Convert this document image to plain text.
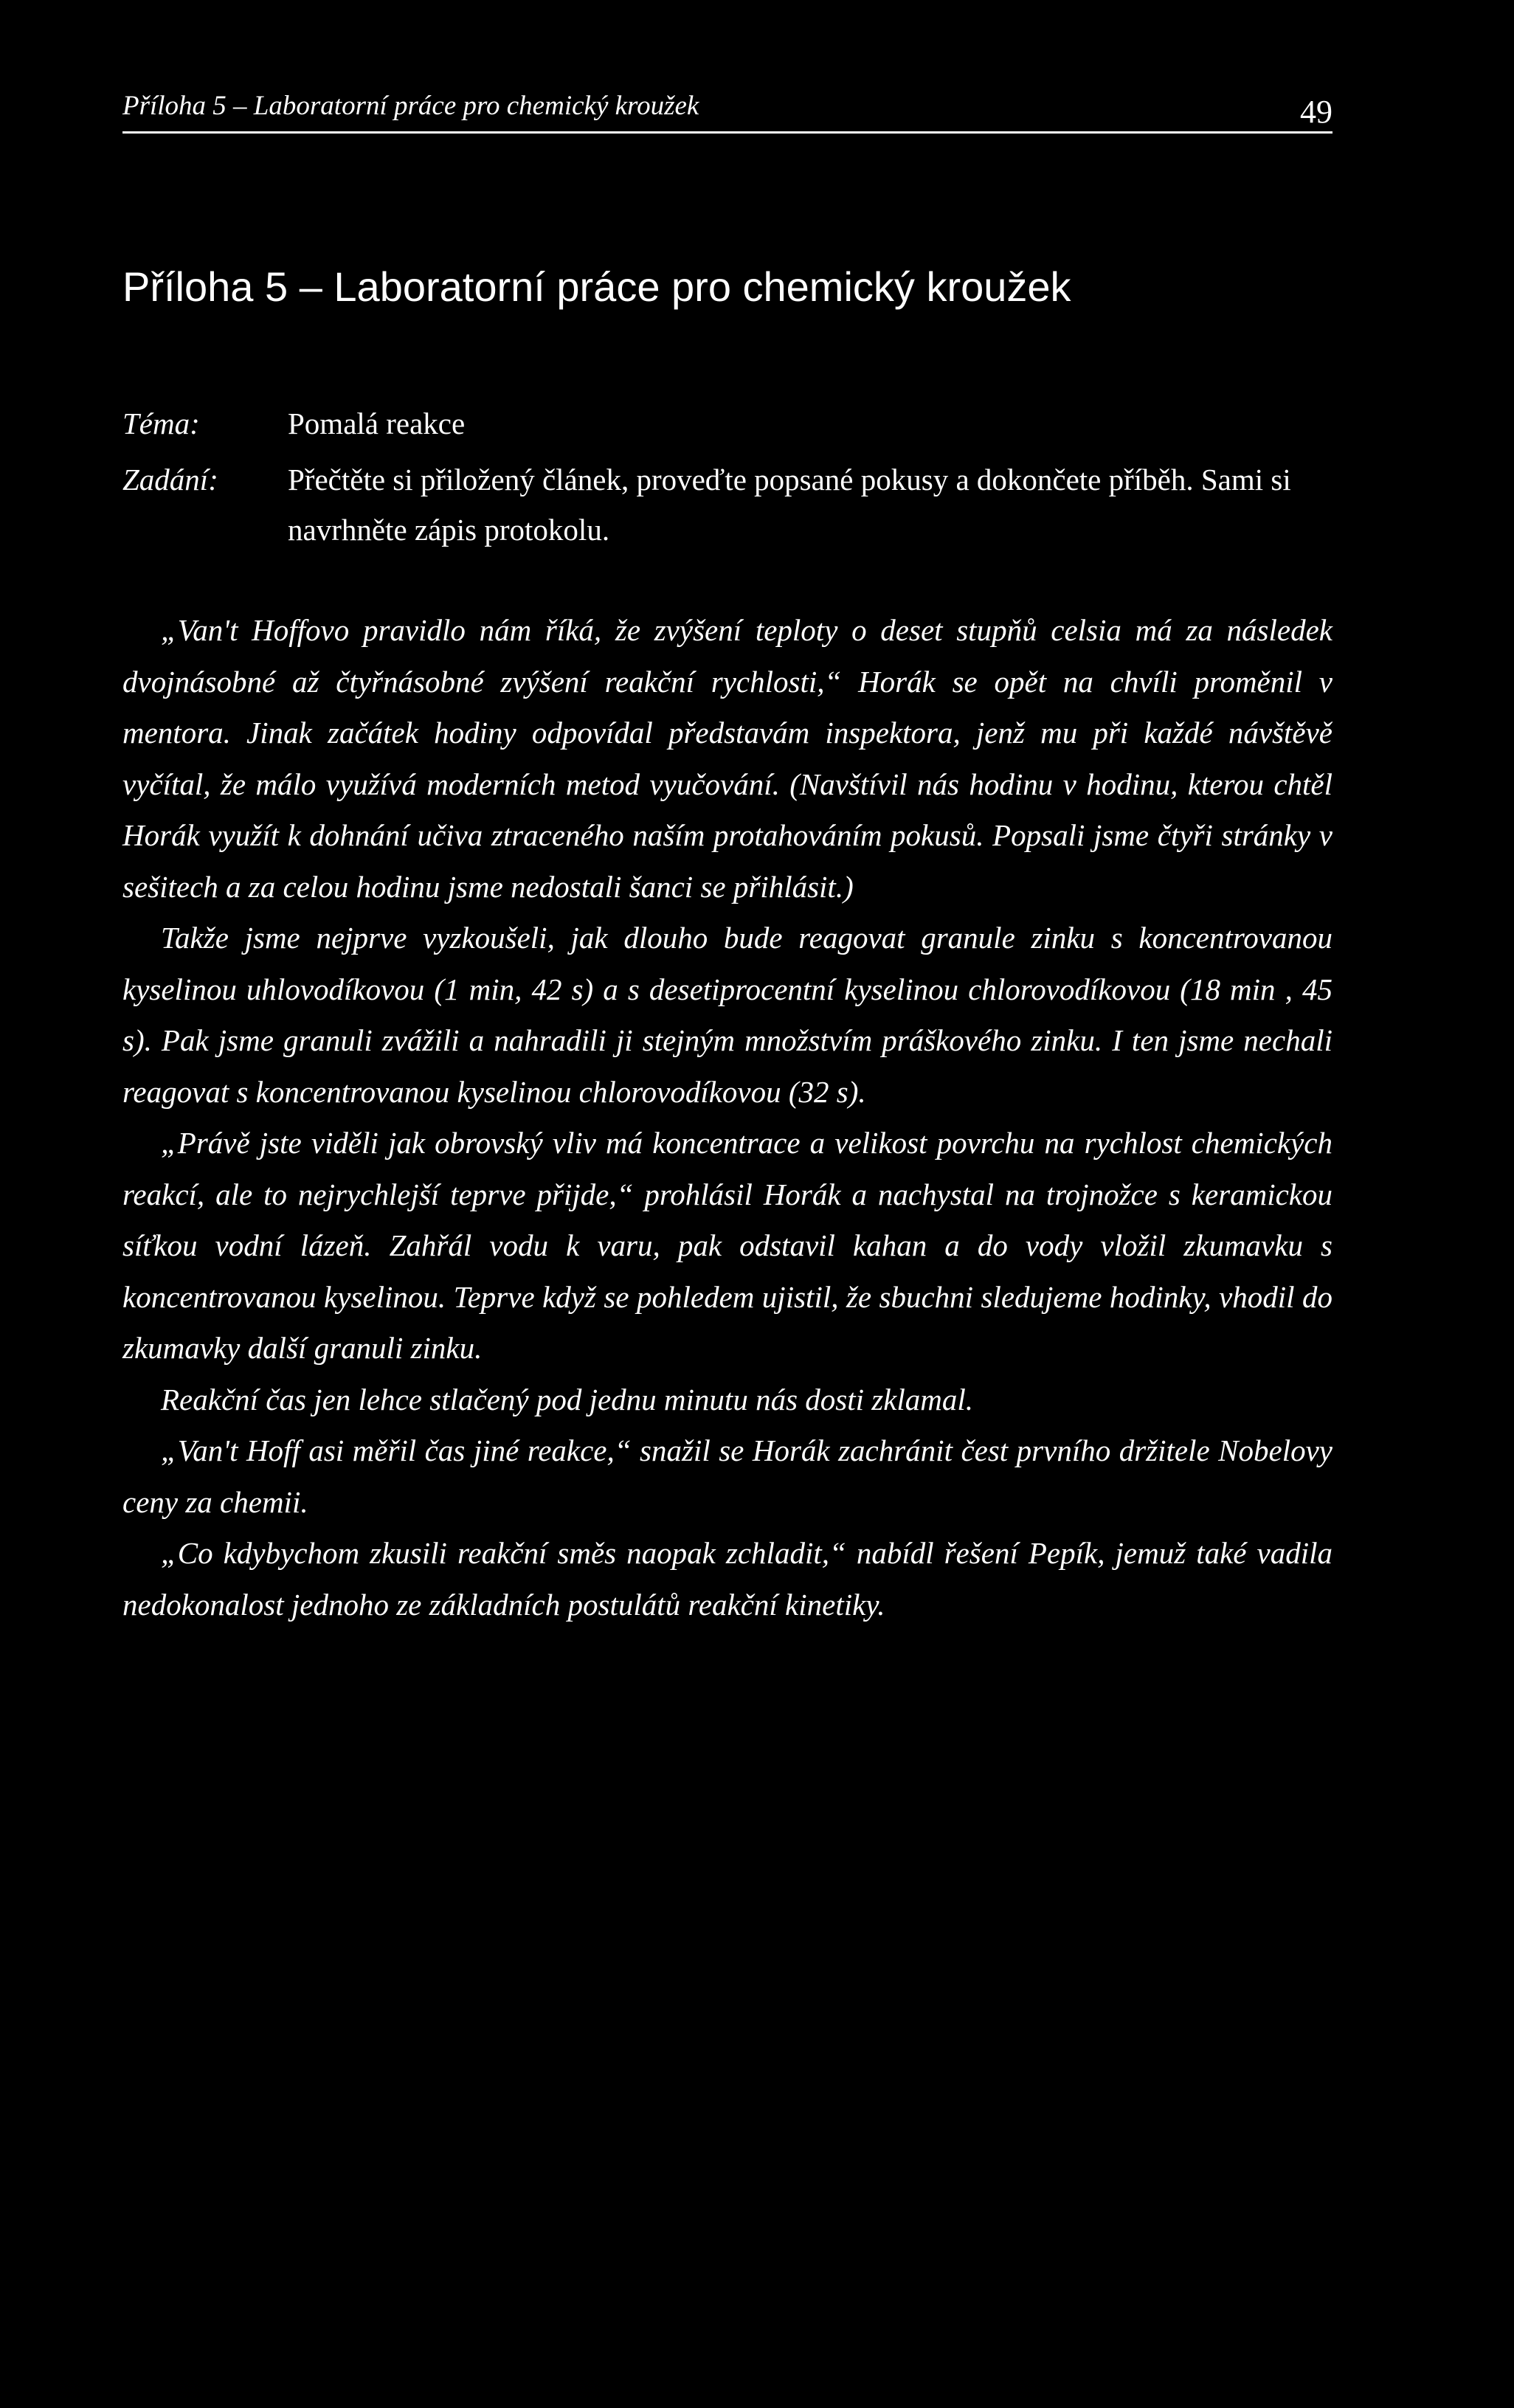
Příloha 5 – Laboratorní práce pro chemický kroužek	49
Příloha 5 – Laboratorní práce pro chemický kroužek
Téma:	Pomalá reakce
Zadání: Přečtěte si přiložený článek, proveďte popsané pokusy a dokončete příběh. Sami si navrhněte zápis protokolu.

„Van't Hoffovo pravidlo nám říká, že zvýšení teploty o deset stupňů celsia má za následek dvojnásobné až čtyřnásobné zvýšení reakční rychlosti,“ Horák se opět na chvíli proměnil v mentora. Jinak začátek hodiny odpovídal představám inspektora, jenž mu při každé návštěvě vyčítal, že málo využívá moderních metod vyučování. (Navštívil nás hodinu v hodinu, kterou chtěl Horák využít k dohnání učiva ztraceného naším protahováním pokusů. Popsali jsme čtyři stránky v sešitech a za celou hodinu jsme nedostali šanci se přihlásit.)

Takže jsme nejprve vyzkoušeli, jak dlouho bude reagovat granule zinku s koncentrovanou kyselinou uhlovodíkovou (1 min, 42 s) a s desetiprocentní kyselinou chlorovodíkovou (18 min , 45 s). Pak jsme granuli zvážili a nahradili ji stejným množstvím práškového zinku. I ten jsme nechali reagovat s koncentrovanou kyselinou chlorovodíkovou (32 s).

„Právě jste viděli jak obrovský vliv má koncentrace a velikost povrchu na rychlost chemických reakcí, ale to nejrychlejší teprve přijde,“ prohlásil Horák a nachystal na trojnožce s keramickou síťkou vodní lázeň. Zahřál vodu k varu, pak odstavil kahan a do vody vložil zkumavku s koncentrovanou kyselinou. Teprve když se pohledem ujistil, že sbuchni sledujeme hodinky, vhodil do zkumavky další granuli zinku.

Reakční čas jen lehce stlačený pod jednu minutu nás dosti zklamal.

„Van't Hoff asi měřil čas jiné reakce,“ snažil se Horák zachránit čest prvního držitele Nobelovy ceny za chemii.

„Co kdybychom zkusili reakční směs naopak zchladit,“ nabídl řešení Pepík, jemuž také vadila nedokonalost jednoho ze základních postulátů reakční kinetiky.
